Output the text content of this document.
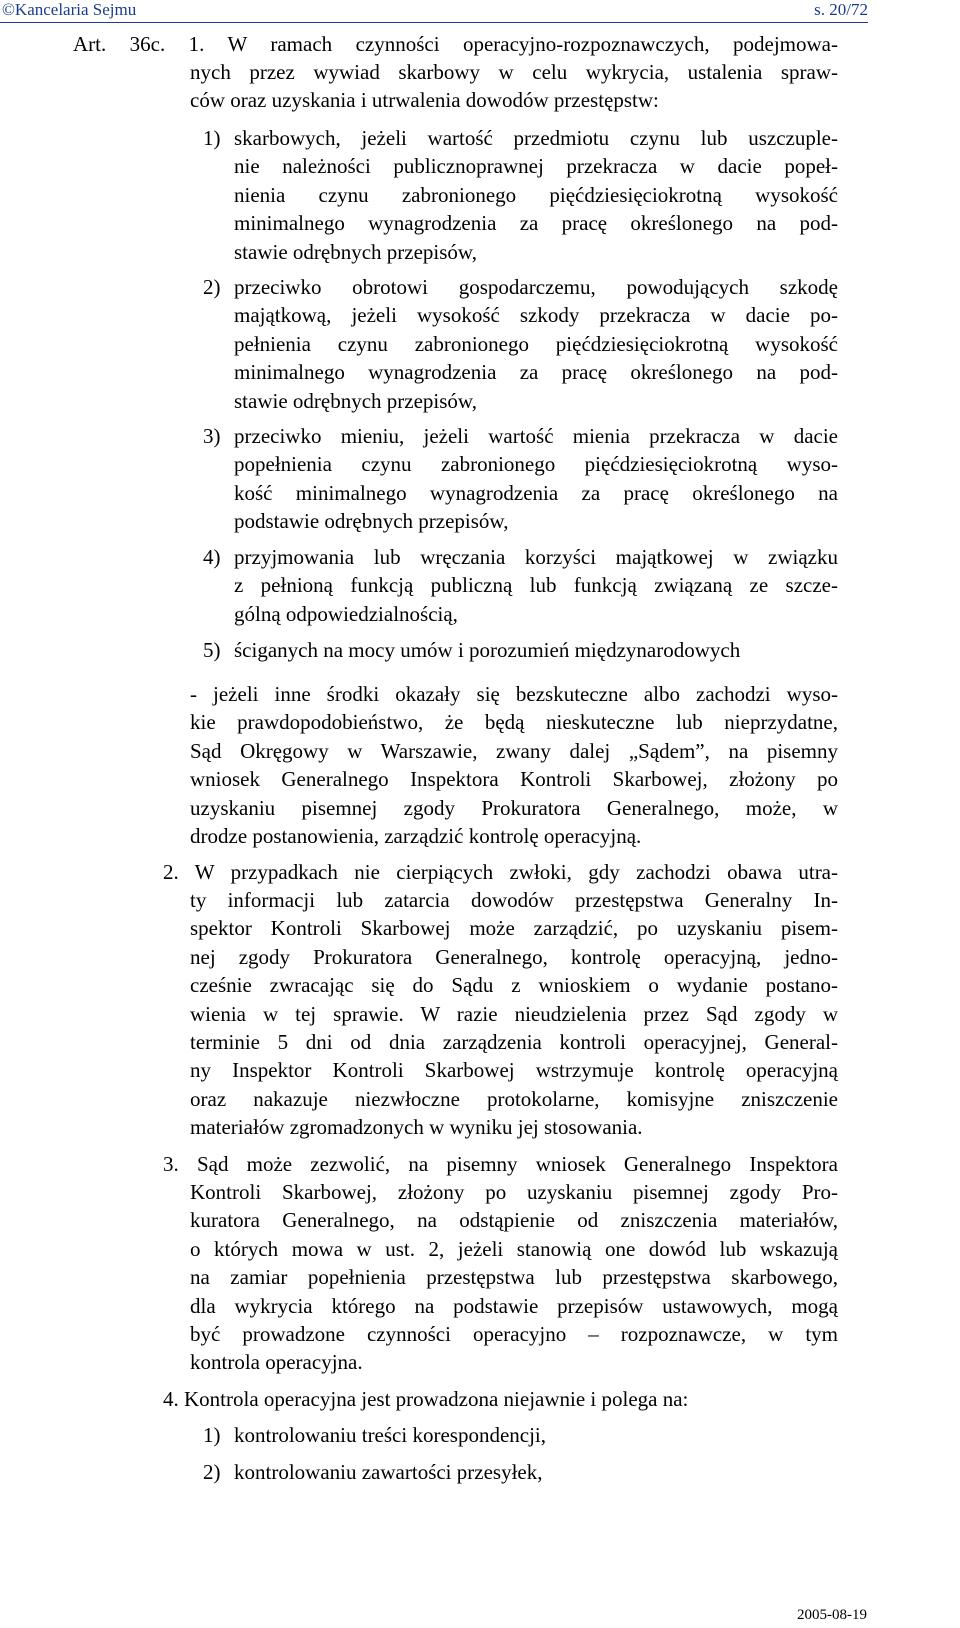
©Kancelaria Sejmu	s. 20/72
Art. 36c. 1. W ramach czynności operacyjno-rozpoznawczych, podejmowa-
nych przez wywiad skarbowy w celu wykrycia, ustalenia spraw-
ców oraz uzyskania i utrwalenia dowodów przestępstw:
1) skarbowych, jeżeli wartość przedmiotu czynu lub uszczuple-
nie należności publicznoprawnej przekracza w dacie popeł-
nienia czynu zabronionego pięćdziesięciokrotną wysokość
minimalnego wynagrodzenia za pracę określonego na pod-
stawie odrębnych przepisów,
2) przeciwko obrotowi gospodarczemu, powodujących szkodę
majątkową, jeżeli wysokość szkody przekracza w dacie po-
pełnienia czynu zabronionego pięćdziesięciokrotną wysokość
minimalnego wynagrodzenia za pracę określonego na pod-
stawie odrębnych przepisów,
3) przeciwko mieniu, jeżeli wartość mienia przekracza w dacie
popełnienia czynu zabronionego pięćdziesięciokrotną wyso-
kość minimalnego wynagrodzenia za pracę określonego na
podstawie odrębnych przepisów,
4) przyjmowania lub wręczania korzyści majątkowej w związku
z pełnioną funkcją publiczną lub funkcją związaną ze szcze-
gólną odpowiedzialnością,
5) ściganych na mocy umów i porozumień międzynarodowych
- jeżeli inne środki okazały się bezskuteczne albo zachodzi wyso-
kie prawdopodobieństwo, że będą nieskuteczne lub nieprzydatne,
Sąd Okręgowy w Warszawie, zwany dalej „Sądem”, na pisemny
wniosek Generalnego Inspektora Kontroli Skarbowej, złożony po
uzyskaniu pisemnej zgody Prokuratora Generalnego, może, w
drodze postanowienia, zarządzić kontrolę operacyjną.
2. W przypadkach nie cierpiących zwłoki, gdy zachodzi obawa utra-
ty informacji lub zatarcia dowodów przestępstwa Generalny In-
spektor Kontroli Skarbowej może zarządzić, po uzyskaniu pisem-
nej zgody Prokuratora Generalnego, kontrolę operacyjną, jedno-
cześnie zwracając się do Sądu z wnioskiem o wydanie postano-
wienia w tej sprawie. W razie nieudzielenia przez Sąd zgody w
terminie 5 dni od dnia zarządzenia kontroli operacyjnej, General-
ny Inspektor Kontroli Skarbowej wstrzymuje kontrolę operacyjną
oraz nakazuje niezwłoczne protokolarne, komisyjne zniszczenie
materiałów zgromadzonych w wyniku jej stosowania.
3. Sąd może zezwolić, na pisemny wniosek Generalnego Inspektora
Kontroli Skarbowej, złożony po uzyskaniu pisemnej zgody Pro-
kuratora Generalnego, na odstąpienie od zniszczenia materiałów,
o których mowa w ust. 2, jeżeli stanowią one dowód lub wskazują
na zamiar popełnienia przestępstwa lub przestępstwa skarbowego,
dla wykrycia którego na podstawie przepisów ustawowych, mogą
być prowadzone czynności operacyjno – rozpoznawcze, w tym
kontrola operacyjna.
4. Kontrola operacyjna jest prowadzona niejawnie i polega na:
1) kontrolowaniu treści korespondencji,
2) kontrolowaniu zawartości przesyłek,
2005-08-19
